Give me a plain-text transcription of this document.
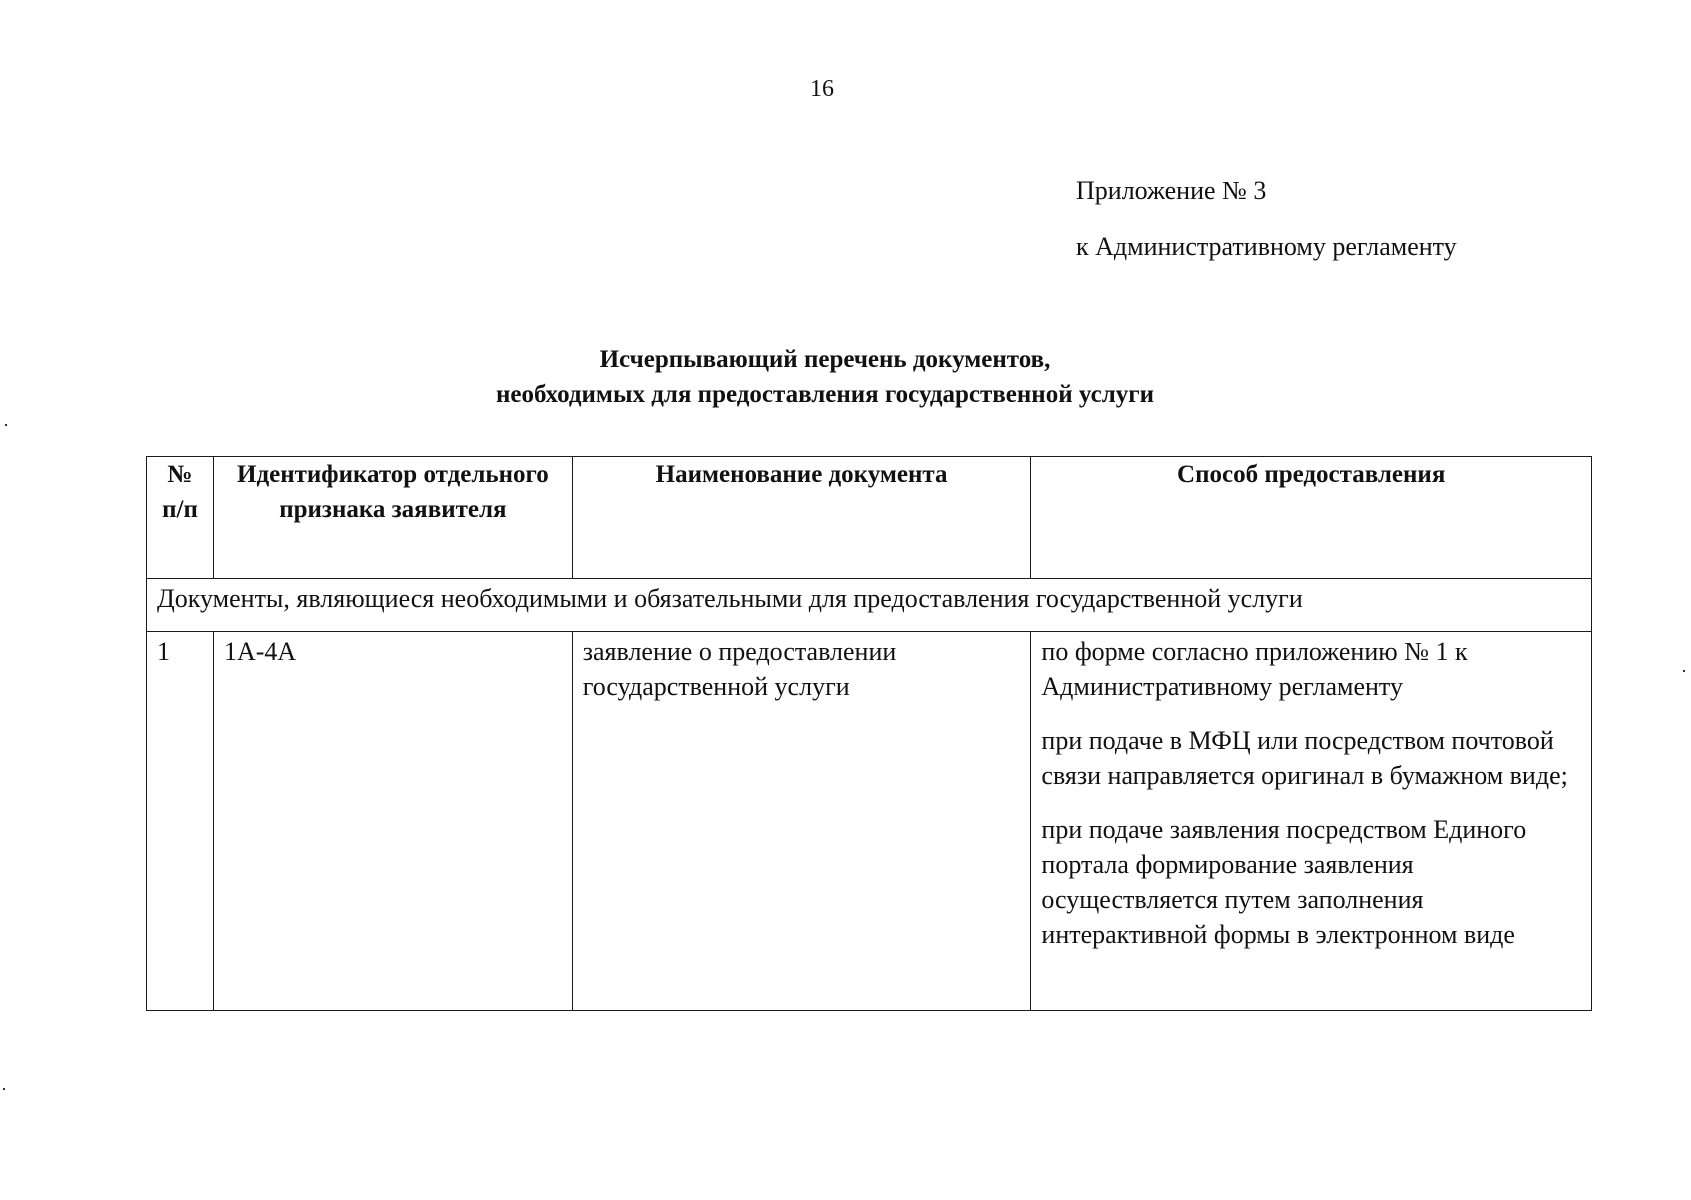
16
Приложение № 3
к Административному регламенту
Исчерпывающий перечень документов,
необходимых для предоставления государственной услуги
№ п/п	Идентификатор отдельного признака заявителя	Наименование документа	Способ предоставления
Документы, являющиеся необходимыми и обязательными для предоставления государственной услуги			
1	1А-4А	заявление о предоставлении государственной услуги	по форме согласно приложению № 1 к Административному регламенту
при подаче в МФЦ или посредством почтовой связи направляется оригинал в бумажном виде;
при подаче заявления посредством Единого портала формирование заявления осуществляется путем заполнения интерактивной формы в электронном виде
